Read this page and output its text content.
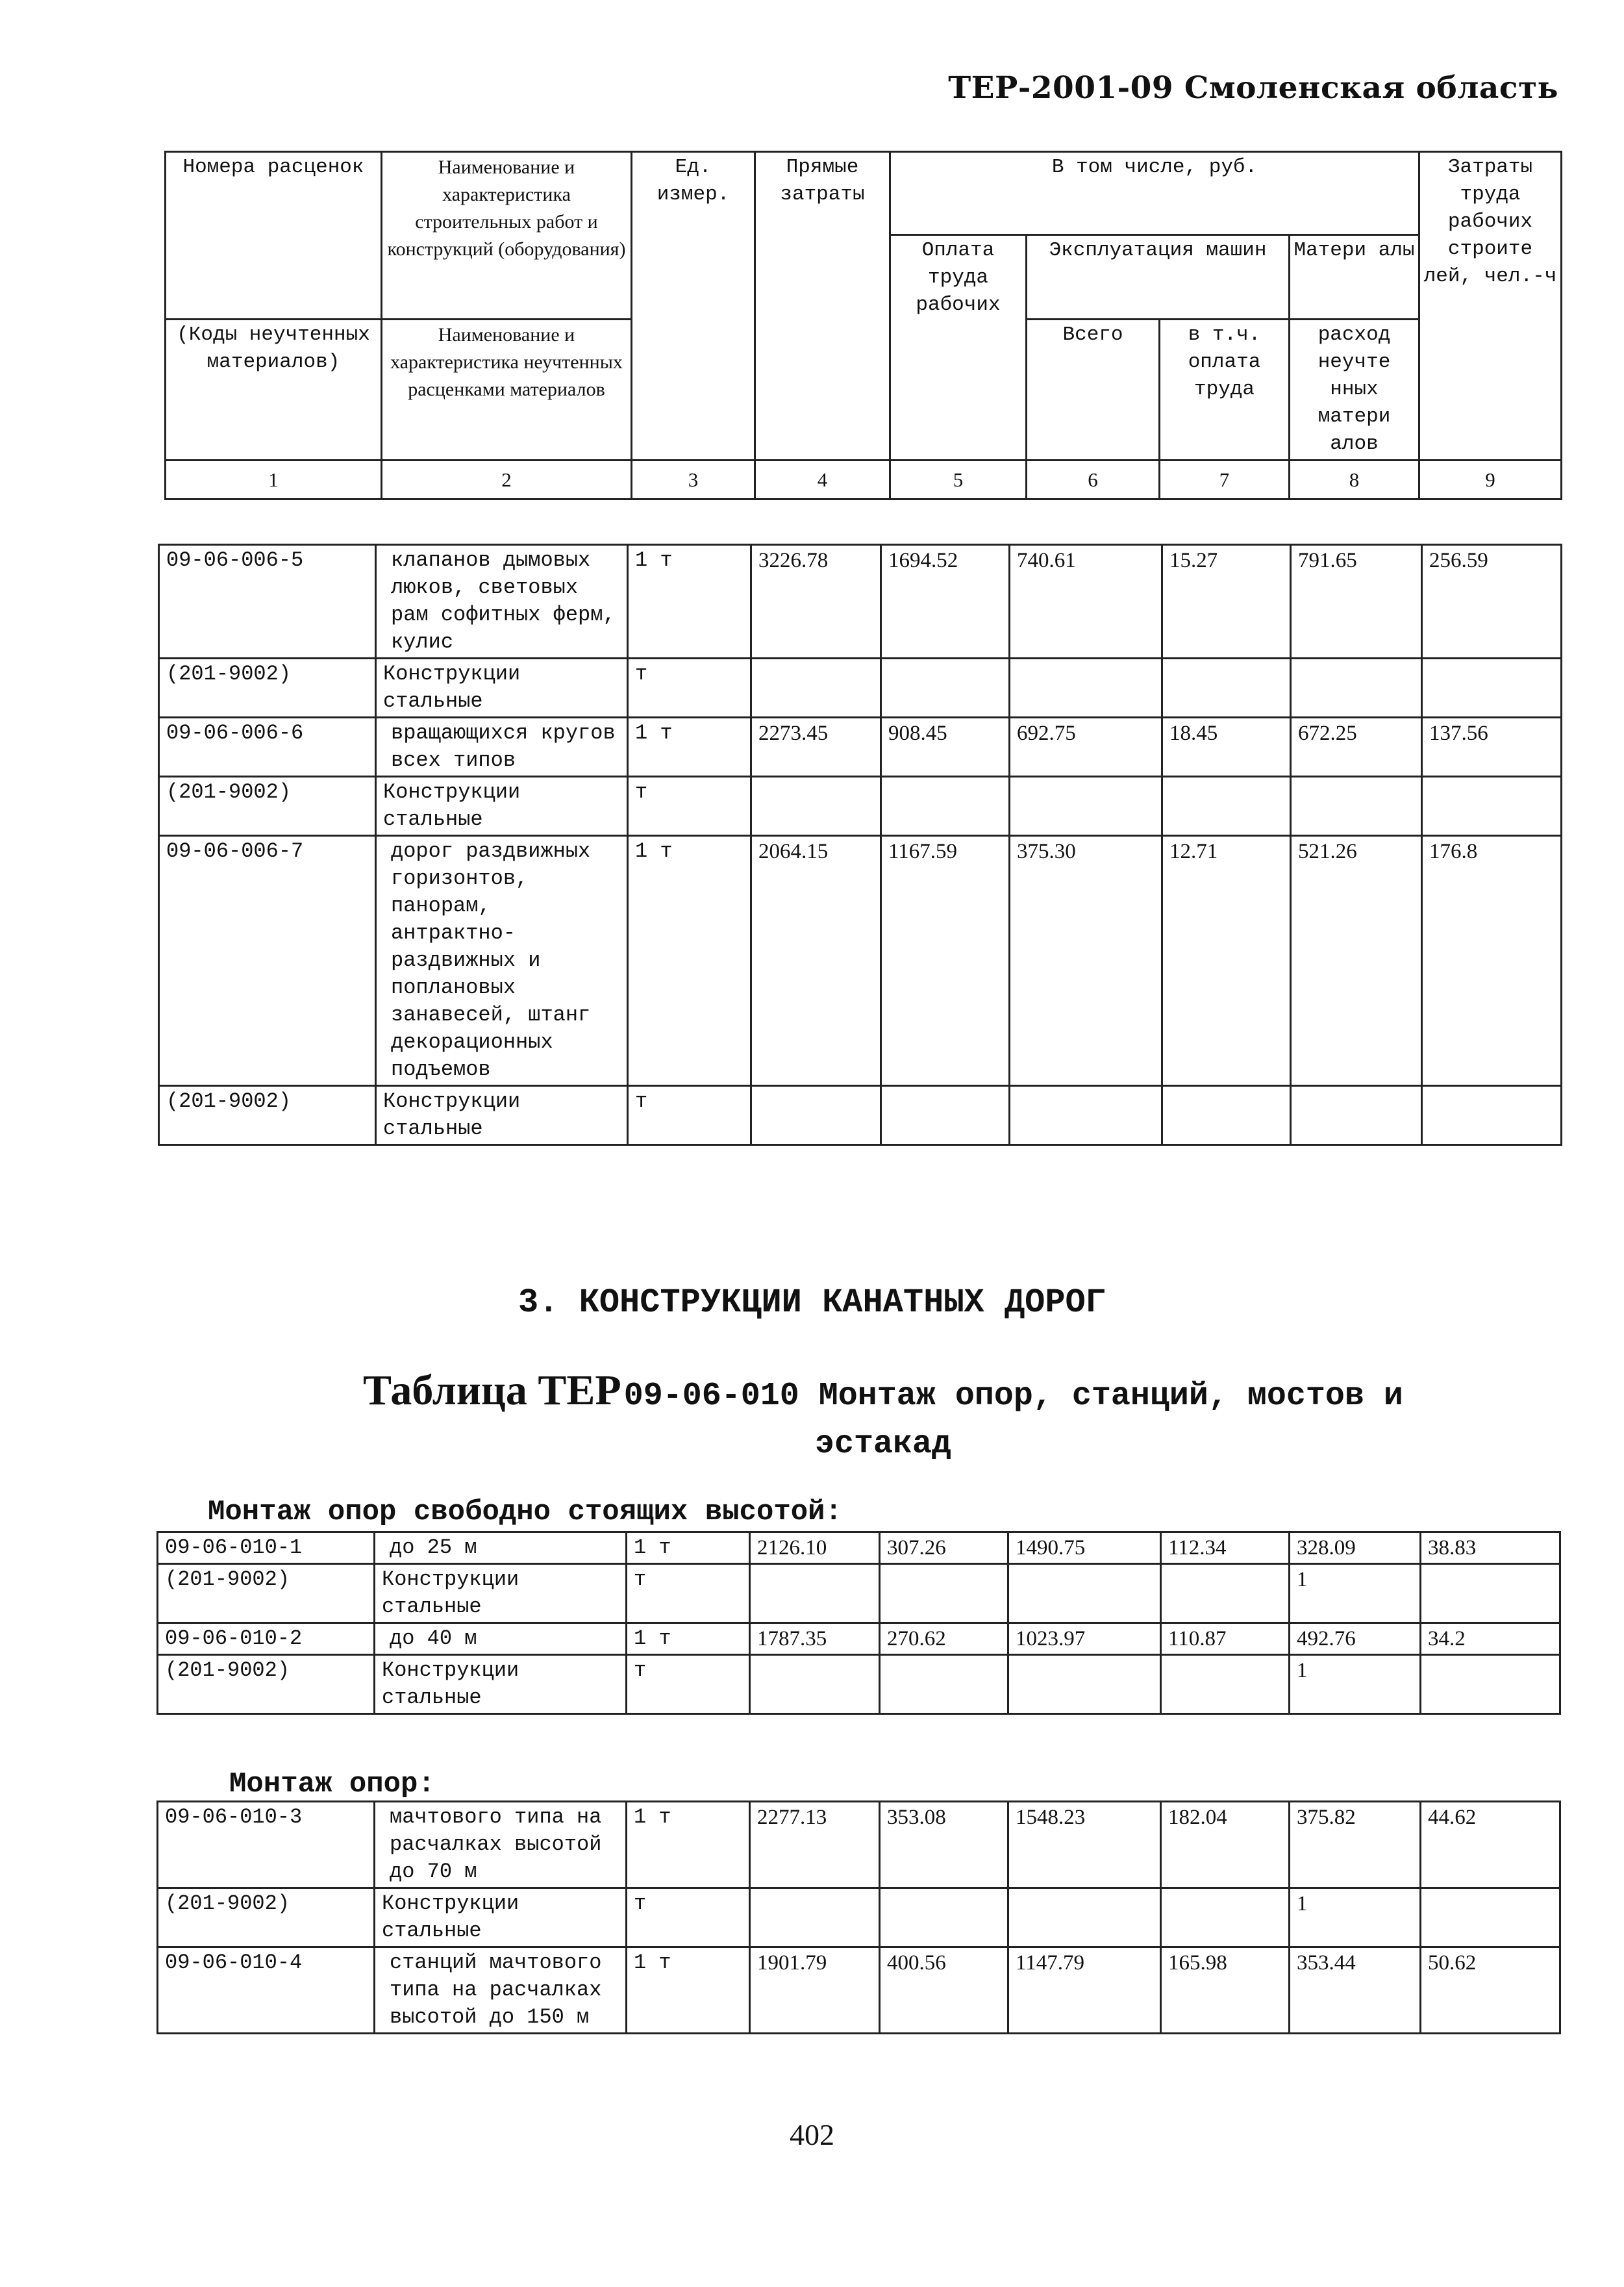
ТЕР-2001-09 Смоленская область
Номера расценок	Наименование и характеристика строительных работ и конструкций (оборудования)	Ед. измер.	Прямые затраты	В том числе, руб.				Затраты труда рабочих строите лей, чел.-ч
				Оплата труда рабочих	Эксплуатация машин		Матери алы	
(Коды неучтенных материалов)	Наименование и характеристика неучтенных расценками материалов				Всего	в т.ч. оплата труда	расход неучте нных матери алов	
1	2	3	4	5	6	7	8	9
09-06-006-5	клапанов дымовых люков, световых рам софитных ферм, кулис	1 т	3226.78	1694.52	740.61	15.27	791.65	256.59
(201-9002)	Конструкции стальные	т						
09-06-006-6	вращающихся кругов всех типов	1 т	2273.45	908.45	692.75	18.45	672.25	137.56
(201-9002)	Конструкции стальные	т						
09-06-006-7	дорог раздвижных горизонтов, панорам, антрактно-раздвижных и поплановых занавесей, штанг декорационных подъемов	1 т	2064.15	1167.59	375.30	12.71	521.26	176.8
(201-9002)	Конструкции стальные	т						
3. КОНСТРУКЦИИ КАНАТНЫХ ДОРОГ
Таблица ТЕР 09-06-010 Монтаж опор, станций, мостов и
эстакад
Монтаж опор свободно стоящих высотой:
09-06-010-1	до 25 м	1 т	2126.10	307.26	1490.75	112.34	328.09	38.83
(201-9002)	Конструкции стальные	т					1	
09-06-010-2	до 40 м	1 т	1787.35	270.62	1023.97	110.87	492.76	34.2
(201-9002)	Конструкции стальные	т					1	
Монтаж опор:
09-06-010-3	мачтового типа на расчалках высотой до 70 м	1 т	2277.13	353.08	1548.23	182.04	375.82	44.62
(201-9002)	Конструкции стальные	т					1	
09-06-010-4	станций мачтового типа на расчалках высотой до 150 м	1 т	1901.79	400.56	1147.79	165.98	353.44	50.62
402
